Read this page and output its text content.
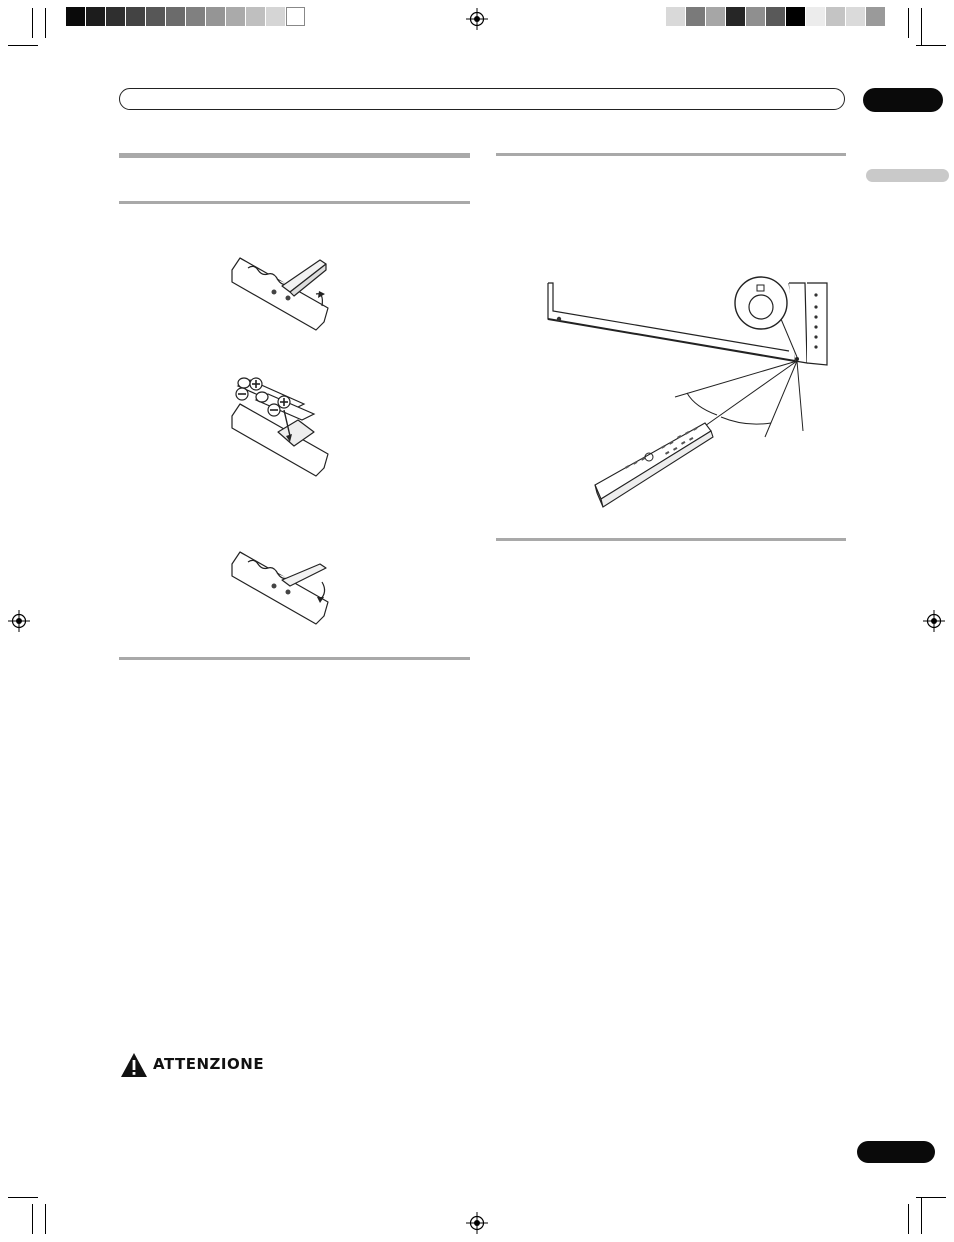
ATTENZIONE
